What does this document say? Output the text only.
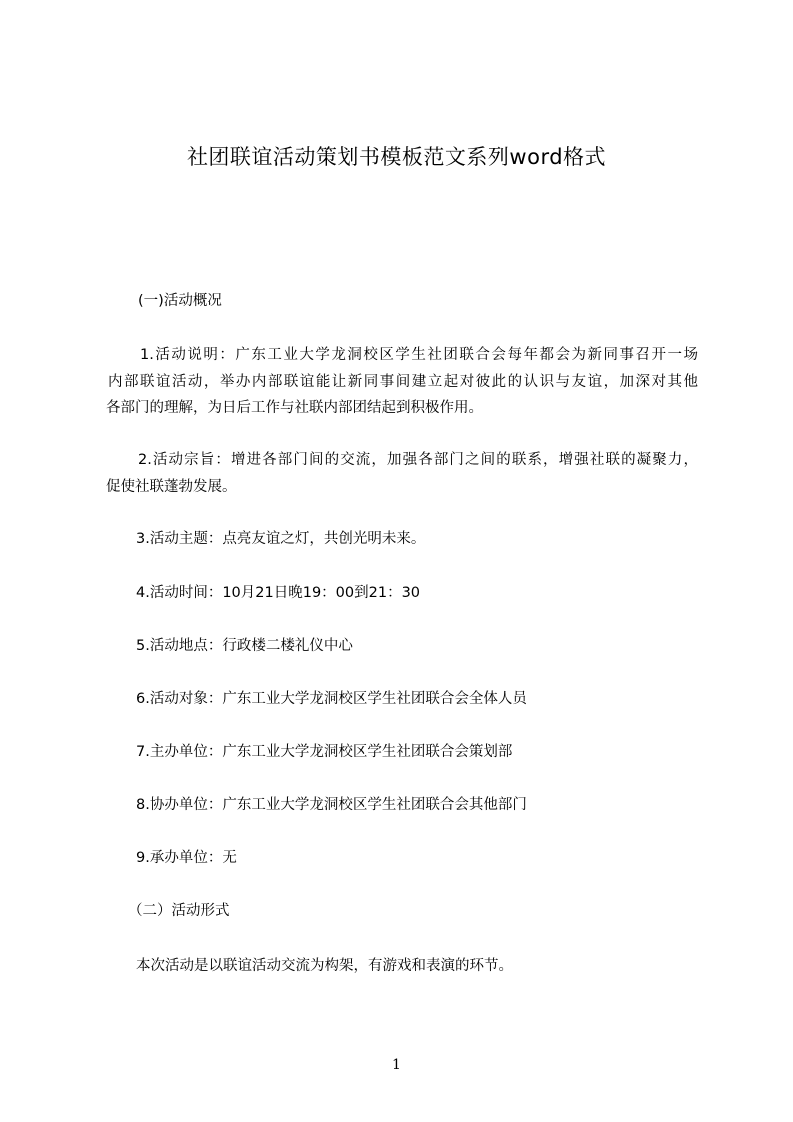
社团联谊活动策划书模板范文系列word格式
(一)活动概况
1.活动说明：广东工业大学龙洞校区学生社团联合会每年都会为新同事召开一场
内部联谊活动，举办内部联谊能让新同事间建立起对彼此的认识与友谊，加深对其他
各部门的理解，为日后工作与社联内部团结起到积极作用。
2.活动宗旨：增进各部门间的交流，加强各部门之间的联系，增强社联的凝聚力，
促使社联蓬勃发展。
3.活动主题：点亮友谊之灯，共创光明未来。
4.活动时间：10月21日晚19：00到21：30
5.活动地点：行政楼二楼礼仪中心
6.活动对象：广东工业大学龙洞校区学生社团联合会全体人员
7.主办单位：广东工业大学龙洞校区学生社团联合会策划部
8.协办单位：广东工业大学龙洞校区学生社团联合会其他部门
9.承办单位：无
（二）活动形式
本次活动是以联谊活动交流为构架，有游戏和表演的环节。
1
